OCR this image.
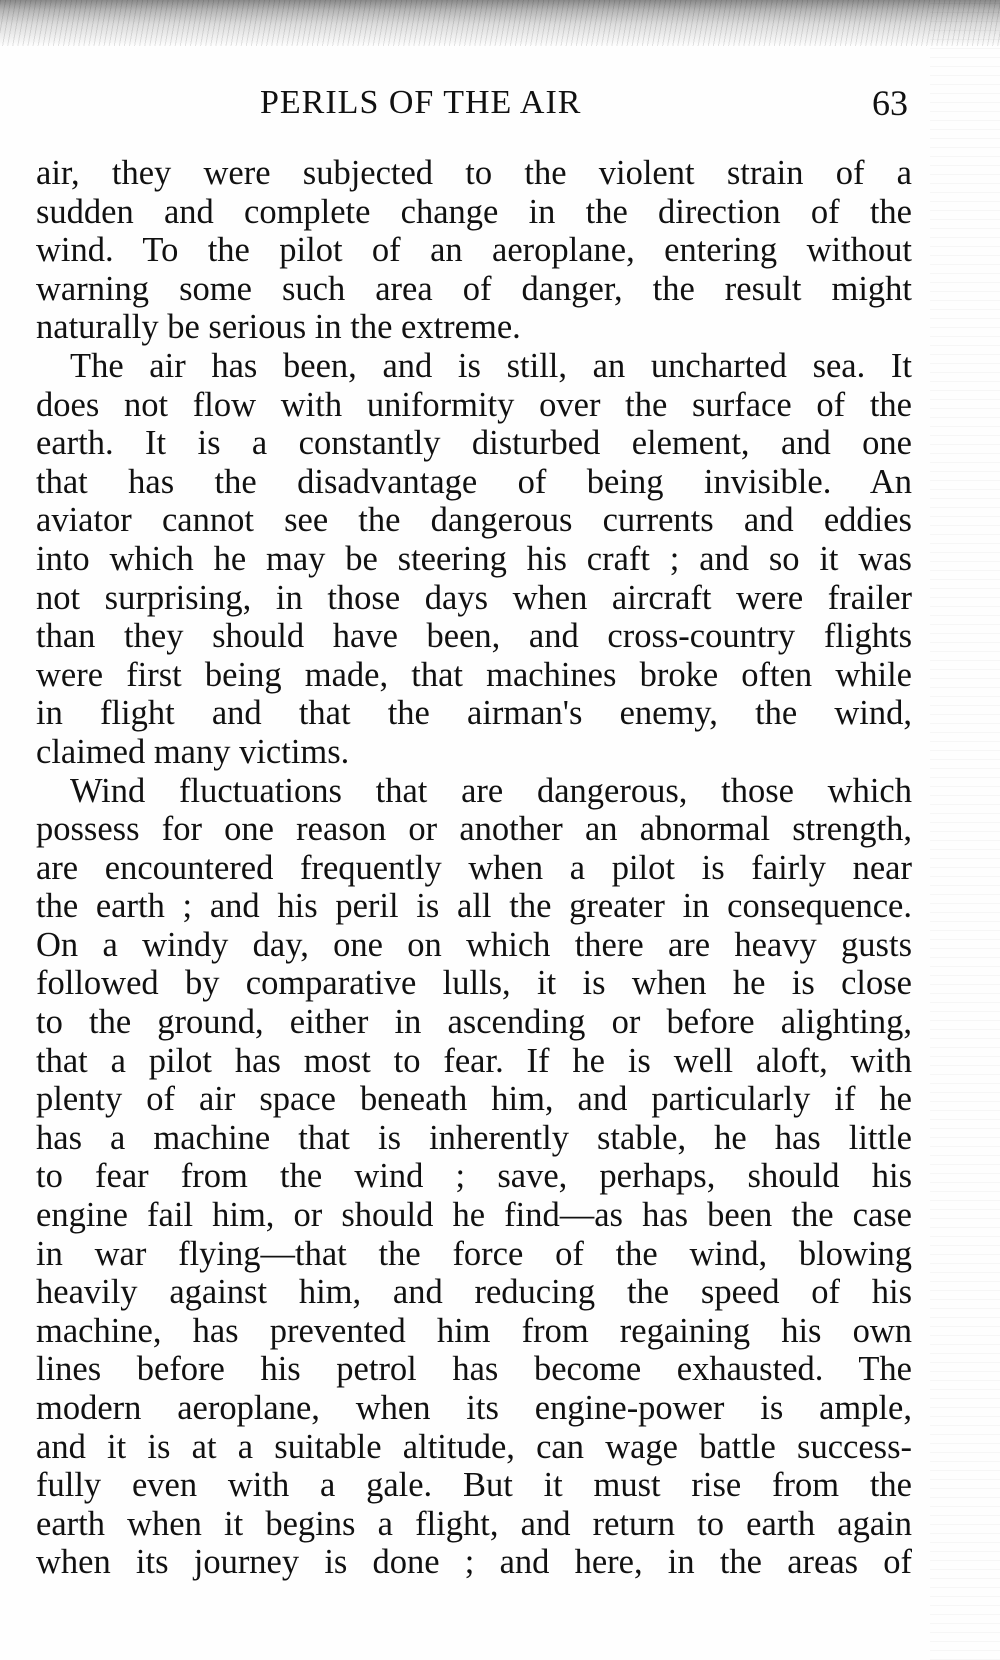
PERILS OF THE AIR	63
air, they were subjected to the violent strain of a
sudden and complete change in the direction of the
wind. To the pilot of an aeroplane, entering without
warning some such area of danger, the result might
naturally be serious in the extreme.
The air has been, and is still, an uncharted sea. It
does not flow with uniformity over the surface of the
earth. It is a constantly disturbed element, and one
that has the disadvantage of being invisible. An
aviator cannot see the dangerous currents and eddies
into which he may be steering his craft ; and so it was
not surprising, in those days when aircraft were frailer
than they should have been, and cross-country flights
were first being made, that machines broke often while
in flight and that the airman's enemy, the wind,
claimed many victims.
Wind fluctuations that are dangerous, those which
possess for one reason or another an abnormal strength,
are encountered frequently when a pilot is fairly near
the earth ; and his peril is all the greater in consequence.
On a windy day, one on which there are heavy gusts
followed by comparative lulls, it is when he is close
to the ground, either in ascending or before alighting,
that a pilot has most to fear. If he is well aloft, with
plenty of air space beneath him, and particularly if he
has a machine that is inherently stable, he has little
to fear from the wind ; save, perhaps, should his
engine fail him, or should he find—as has been the case
in war flying—that the force of the wind, blowing
heavily against him, and reducing the speed of his
machine, has prevented him from regaining his own
lines before his petrol has become exhausted. The
modern aeroplane, when its engine-power is ample,
and it is at a suitable altitude, can wage battle success-
fully even with a gale. But it must rise from the
earth when it begins a flight, and return to earth again
when its journey is done ; and here, in the areas of
